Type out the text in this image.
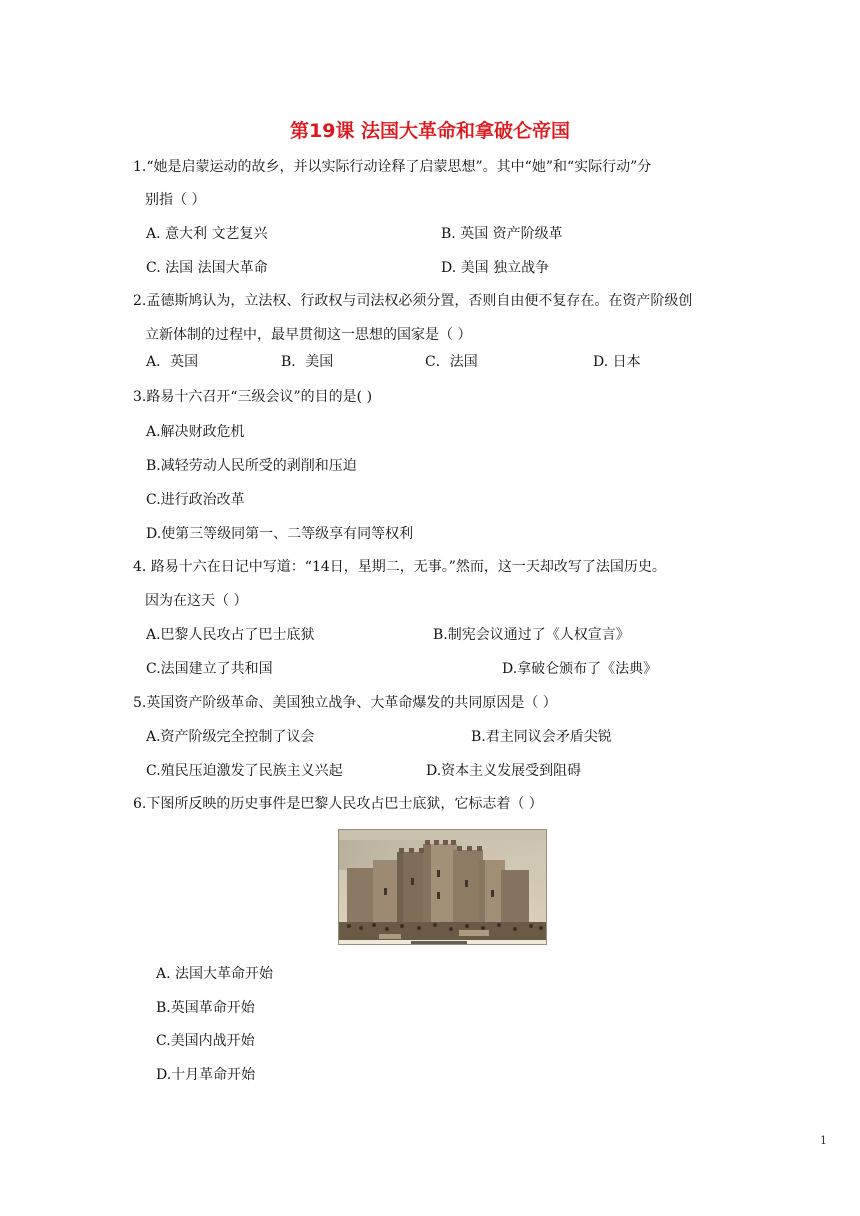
第19课 法国大革命和拿破仑帝国
1.“她是启蒙运动的故乡，并以实际行动诠释了启蒙思想”。其中“她”和“实际行动”分
别指（ ）
A. 意大利 文艺复兴	B. 英国 资产阶级革
C. 法国 法国大革命	D. 美国 独立战争
2.孟德斯鸠认为，立法权、行政权与司法权必须分置，否则自由便不复存在。在资产阶级创
立新体制的过程中，最早贯彻这一思想的国家是（ ）
A．英国	B．美国	C．法国	D. 日本
3.路易十六召开“三级会议”的目的是( )
A.解决财政危机
B.减轻劳动人民所受的剥削和压迫
C.进行政治改革
D.使第三等级同第一、二等级享有同等权利
4. 路易十六在日记中写道：“14日，星期二，无事。”然而，这一天却改写了法国历史。
因为在这天（ ）
A.巴黎人民攻占了巴士底狱	B.制宪会议通过了《人权宣言》
C.法国建立了共和国	D.拿破仑颁布了《法典》
5.英国资产阶级革命、美国独立战争、大革命爆发的共同原因是（ ）
A.资产阶级完全控制了议会	B.君主同议会矛盾尖锐
C.殖民压迫激发了民族主义兴起	D.资本主义发展受到阻碍
6.下图所反映的历史事件是巴黎人民攻占巴士底狱，它标志着（ ）
A. 法国大革命开始
B.英国革命开始
C.美国内战开始
D.十月革命开始
1
